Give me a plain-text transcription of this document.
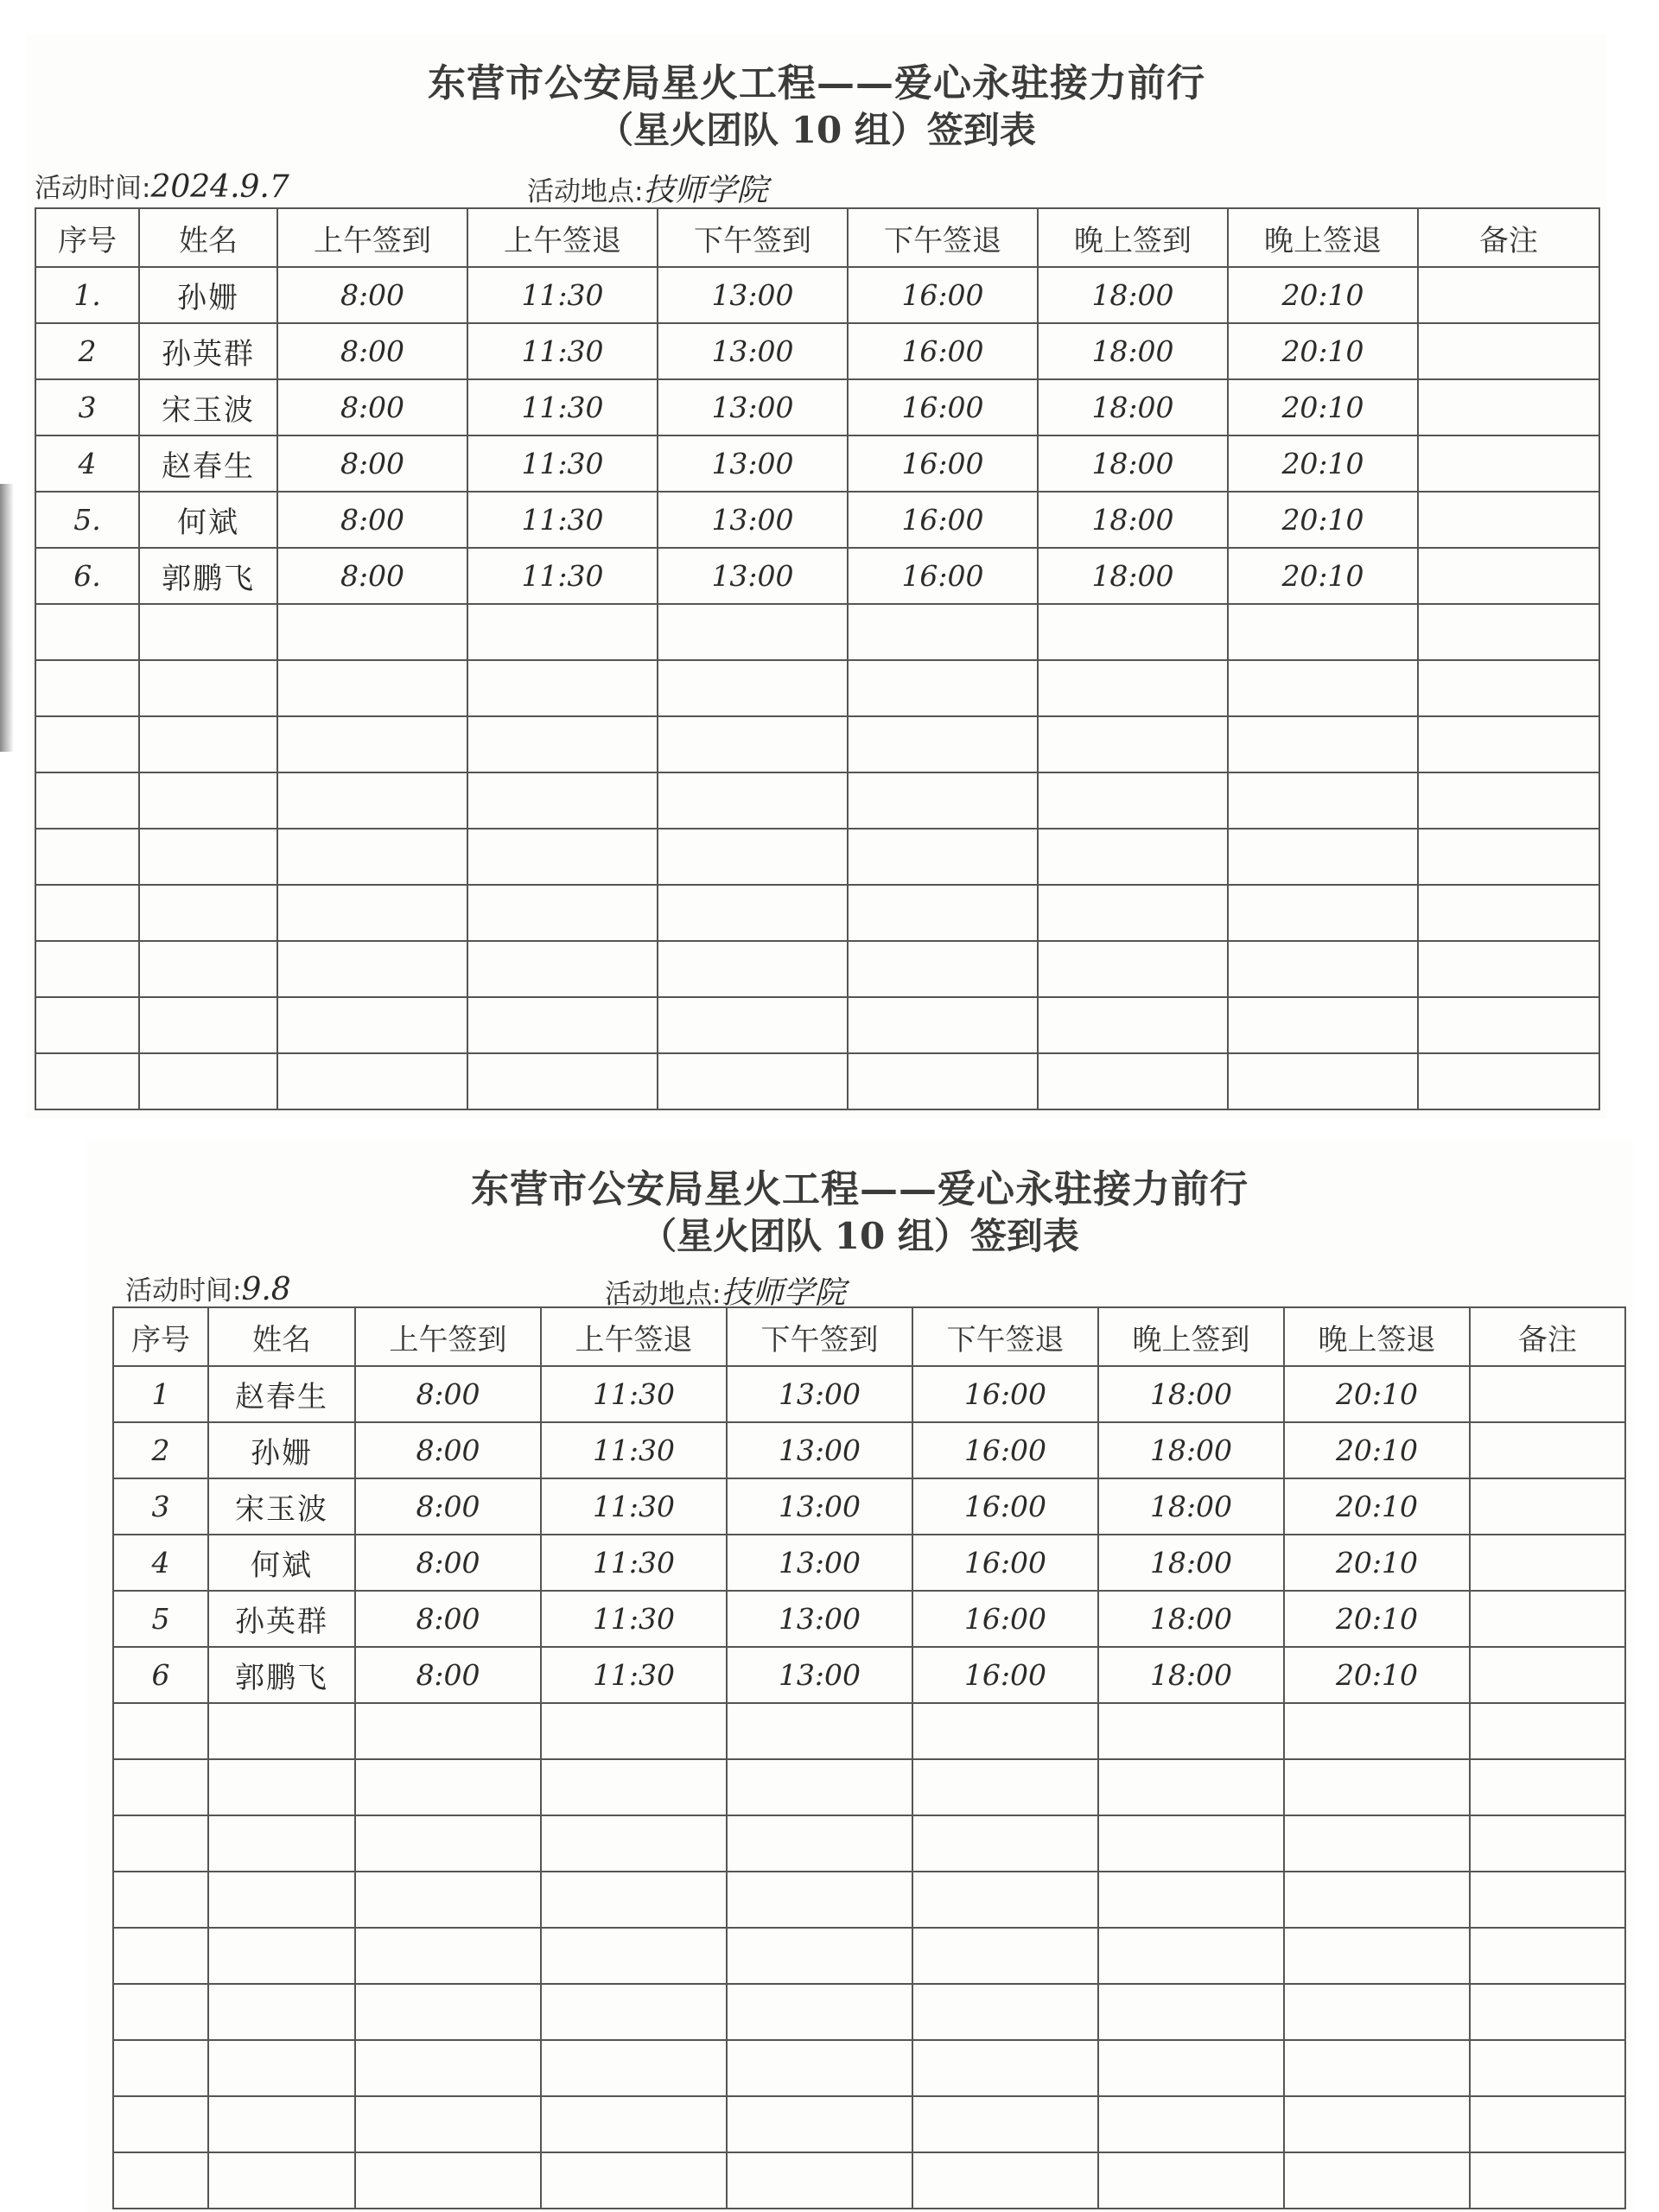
东营市公安局星火工程——爱心永驻接力前行
（星火团队 10 组）签到表
活动时间:2024.9.7	活动地点:技师学院
序号	姓名	上午签到	上午签退	下午签到	下午签退	晚上签到	晚上签退	备注
1.	孙姗	8:00	11:30	13:00	16:00	18:00	20:10	
2	孙英群	8:00	11:30	13:00	16:00	18:00	20:10	
3	宋玉波	8:00	11:30	13:00	16:00	18:00	20:10	
4	赵春生	8:00	11:30	13:00	16:00	18:00	20:10	
5.	何斌	8:00	11:30	13:00	16:00	18:00	20:10	
6.	郭鹏飞	8:00	11:30	13:00	16:00	18:00	20:10	

东营市公安局星火工程——爱心永驻接力前行
（星火团队 10 组）签到表
活动时间:9.8	活动地点:技师学院
序号	姓名	上午签到	上午签退	下午签到	下午签退	晚上签到	晚上签退	备注
1	赵春生	8:00	11:30	13:00	16:00	18:00	20:10	
2	孙姗	8:00	11:30	13:00	16:00	18:00	20:10	
3	宋玉波	8:00	11:30	13:00	16:00	18:00	20:10	
4	何斌	8:00	11:30	13:00	16:00	18:00	20:10	
5	孙英群	8:00	11:30	13:00	16:00	18:00	20:10	
6	郭鹏飞	8:00	11:30	13:00	16:00	18:00	20:10	
